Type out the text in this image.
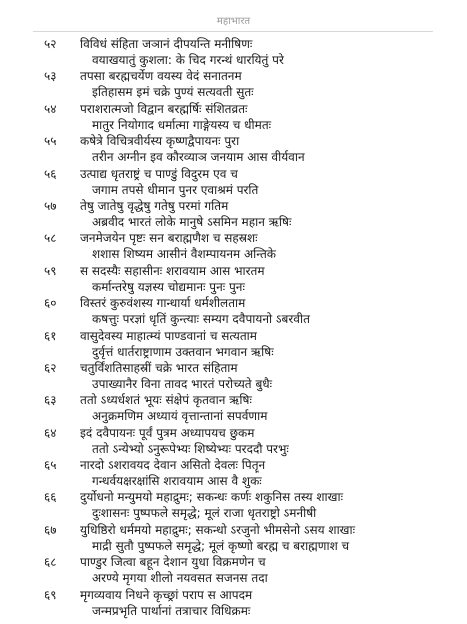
महाभारत
५२	विविधं संहिता जञानं दीपयन्ति मनीषिणः
वयाखयातुं कुशला: के चिद गरन्थं धारयितुं परे
५३	तपसा बरह्मचर्येण वयस्य वेदं सनातनम
इतिहासम इमं चक्रे पुण्यं सत्यवती सुतः
५४	पराशरात्मजो विद्वान बरह्मर्षिः संशितव्रतः
मातुर नियोगाद धर्मात्मा गाङ्गेयस्य च धीमतः
५५	कषेत्रे विचित्रवीर्यस्य कृष्णद्वैपायनः पुरा
तरीन अग्नीन इव कौरव्याञ जनयाम आस वीर्यवान
५६	उत्पाद्य धृतराष्ट्रं च पाण्डुं विदुरम एव च
जगाम तपसे धीमान पुनर एवाश्रमं परति
५७	तेषु जातेषु वृद्धेषु गतेषु परमां गतिम
अब्रवीद भारतं लोके मानुषे ऽसमिन महान ऋषिः
५८	जनमेजयेन पृष्टः सन बराह्मणैश च सहस्रशः
शशास शिष्यम आसीनं वैशम्पायनम अन्तिके
५९	स सदस्यैः सहासीनः शरावयाम आस भारतम
कर्मान्तरेषु यज्ञस्य चोद्यमानः पुनः पुनः
६०	विस्तरं कुरुवंशस्य गान्धार्या धर्मशीलताम
कषत्तुः परज्ञां धृतिं कुन्त्याः सम्यग दवैपायनो ऽबरवीत
६१	वासुदेवस्य माहात्म्यं पाण्डवानां च सत्यताम
दुर्वृत्तं धार्तराष्ट्राणाम उक्तवान भगवान ऋषिः
६२	चतुर्विंशतिसाहस्रीं चक्रे भारत संहिताम
उपाख्यानैर विना तावद भारतं परोच्यते बुधैः
६३	ततो ऽध्यर्धशतं भूयः संक्षेपं कृतवान ऋषिः
अनुक्रमणिम अध्यायं वृत्तान्तानां सपर्वणाम
६४	इदं दवैपायनः पूर्वं पुत्रम अध्यापयच छुकम
ततो ऽन्येभ्यो ऽनुरूपेभ्यः शिष्येभ्यः परददौ परभुः
६५	नारदो ऽशरावयद देवान असितो देवलः पितॄन
गन्धर्वयक्षरक्षांसि शरावयाम आस वै शुकः
६६	दुर्योधनो मन्युमयो महाद्रुमः; सकन्धः कर्णः शकुनिस तस्य शाखाः
दुःशासनः पुष्पफले समृद्धे; मूलं राजा धृतराष्ट्रो ऽमनीषी
६७	युधिष्ठिरो धर्ममयो महाद्रुमः; सकन्धो ऽरजुनो भीमसेनो ऽसय शाखाः
माद्री सुतौ पुष्पफले समृद्धे; मूलं कृष्णो बरह्म च बराह्मणाश च
६८	पाण्डुर जित्वा बहून देशान युधा विक्रमणेन च
अरण्ये मृगया शीलो नयवसत सजनस तदा
६९	मृगव्यवाय निधने कृच्छ्रां पराप स आपदम
जन्मप्रभृति पार्थानां तत्राचार विधिक्रमः
